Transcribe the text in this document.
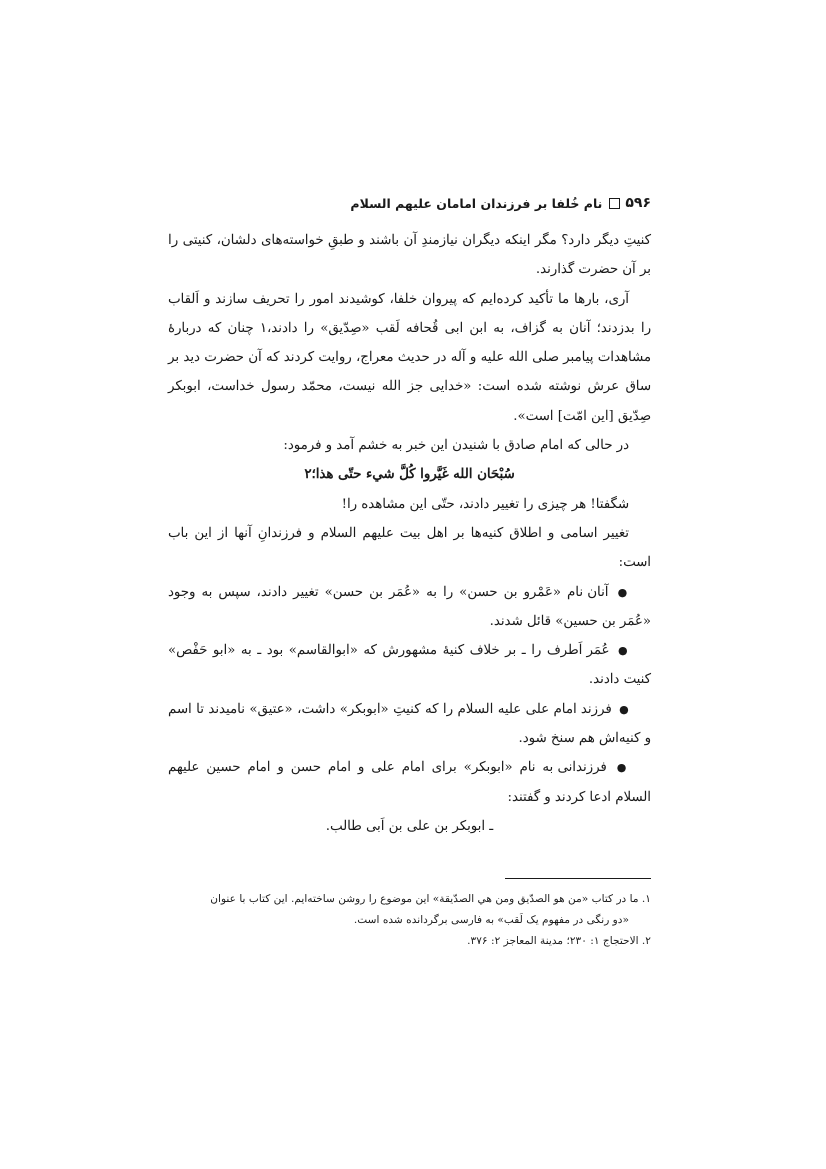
۵۹۶
نام خُلفا بر فرزندان امامان علیهم السلام

کنیتِ دیگر دارد؟ مگر اینکه دیگران نیازمندِ آن باشند و طبقِ خواسته‌های دلشان، کنیتی را بر آن حضرت گذارند.

آری، بارها ما تأکید کرده‌ایم که پیروان خلفا، کوشیدند امور را تحریف سازند و اَلقاب را بدزدند؛ آنان به گزاف، به ابن ابی قُحافه لَقب «صِدّیق» را دادند،۱ چنان که دربارهٔ مشاهدات پیامبر صلی الله علیه و آله در حدیث معراج، روایت کردند که آن حضرت دید بر ساق عرش نوشته شده است: «خدایی جز الله نیست، محمّد رسول خداست، ابوبکر صِدّیق [این امّت] است».

در حالی که امام صادق با شنیدن این خبر به خشم آمد و فرمود:

سُبْحَان الله غَيَّروا كُلَّ شيء حتّى هذا؛۲

شگفتا! هر چیزی را تغییر دادند، حتّی این مشاهده را!

تغییر اسامی و اطلاق کنیه‌ها بر اهل بیت علیهم السلام و فرزندانِ آنها از این باب است:

● آنان نام «عَمْرو بن حسن» را به «عُمَر بن حسن» تغییر دادند، سپس به وجود «عُمَر بن حسین» قائل شدند.

● عُمَر اَطرف را ـ بر خلاف کنیهٔ مشهورش که «ابوالقاسم» بود ـ به «ابو حَفْص» کنیت دادند.

● فرزند امام علی علیه السلام را که کنیتِ «ابوبکر» داشت، «عتیق» نامیدند تا اسم و کنیه‌اش هم سنخ شود.

● فرزندانی به نام «ابوبکر» برای امام علی و امام حسن و امام حسین علیهم السلام ادعا کردند و گفتند:

ـ ابوبکر بن علی بن اَبی طالب.

۱. ما در کتاب «من هو الصدّیق ومن هي الصدّیقة» این موضوع را روشن ساخته‌ایم. این کتاب با عنوان
«دو رنگی در مفهوم یک لَقب» به فارسی برگردانده شده است.
۲. الاحتجاج ۱: ۲۳۰؛ مدینة المعاجز ۲: ۳۷۶.
